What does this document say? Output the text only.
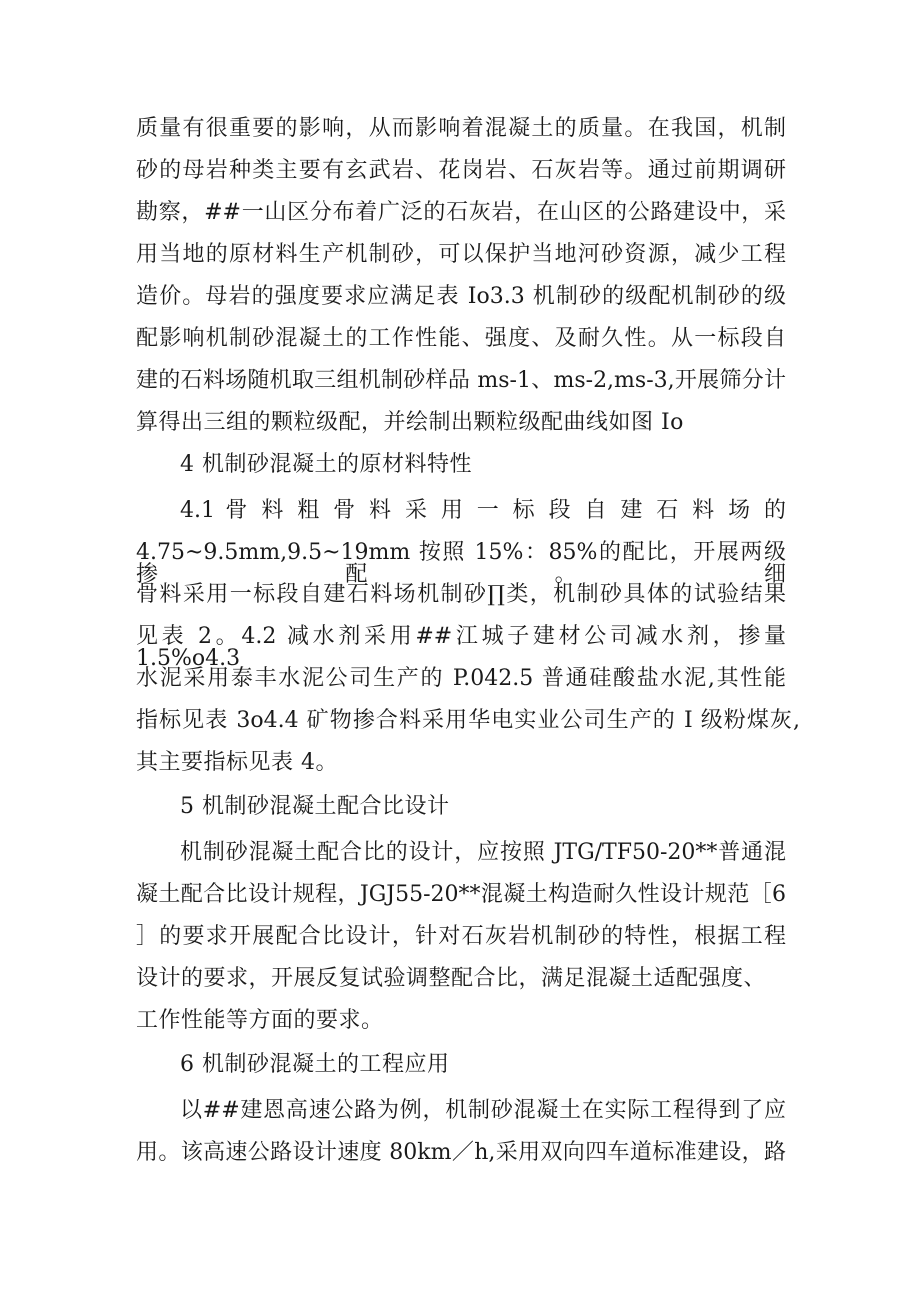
质量有很重要的影响，从而影响着混凝土的质量。在我国，机制
砂的母岩种类主要有玄武岩、花岗岩、石灰岩等。通过前期调研
勘察，##一山区分布着广泛的石灰岩，在山区的公路建设中，采
用当地的原材料生产机制砂，可以保护当地河砂资源，减少工程
造价。母岩的强度要求应满足表 Io3.3 机制砂的级配机制砂的级
配影响机制砂混凝土的工作性能、强度、及耐久性。从一标段自
建的石料场随机取三组机制砂样品 ms-1、ms-2,ms-3,开展筛分计
算得出三组的颗粒级配，并绘制出颗粒级配曲线如图 Io
4 机制砂混凝土的原材料特性
4.1 骨 料 粗 骨 料 采 用 一 标 段 自 建 石 料 场 的
4.75~9.5mm,9.5~19mm 按照 15%：85%的配比，开展两级掺配。细
骨料采用一标段自建石料场机制砂∏类，机制砂具体的试验结果
见表 2。4.2 减水剂采用##江城子建材公司减水剂，掺量 1.5%o4.3
水泥采用泰丰水泥公司生产的 P.042.5 普通硅酸盐水泥,其性能
指标见表 3o4.4 矿物掺合料采用华电实业公司生产的 I 级粉煤灰,
其主要指标见表 4。
5 机制砂混凝土配合比设计
机制砂混凝土配合比的设计，应按照 JTG/TF50-20**普通混
凝土配合比设计规程，JGJ55-20**混凝土构造耐久性设计规范［6
］的要求开展配合比设计，针对石灰岩机制砂的特性，根据工程
设计的要求，开展反复试验调整配合比，满足混凝土适配强度、
工作性能等方面的要求。
6 机制砂混凝土的工程应用
以##建恩高速公路为例，机制砂混凝土在实际工程得到了应
用。该高速公路设计速度 80km／h,采用双向四车道标准建设，路
